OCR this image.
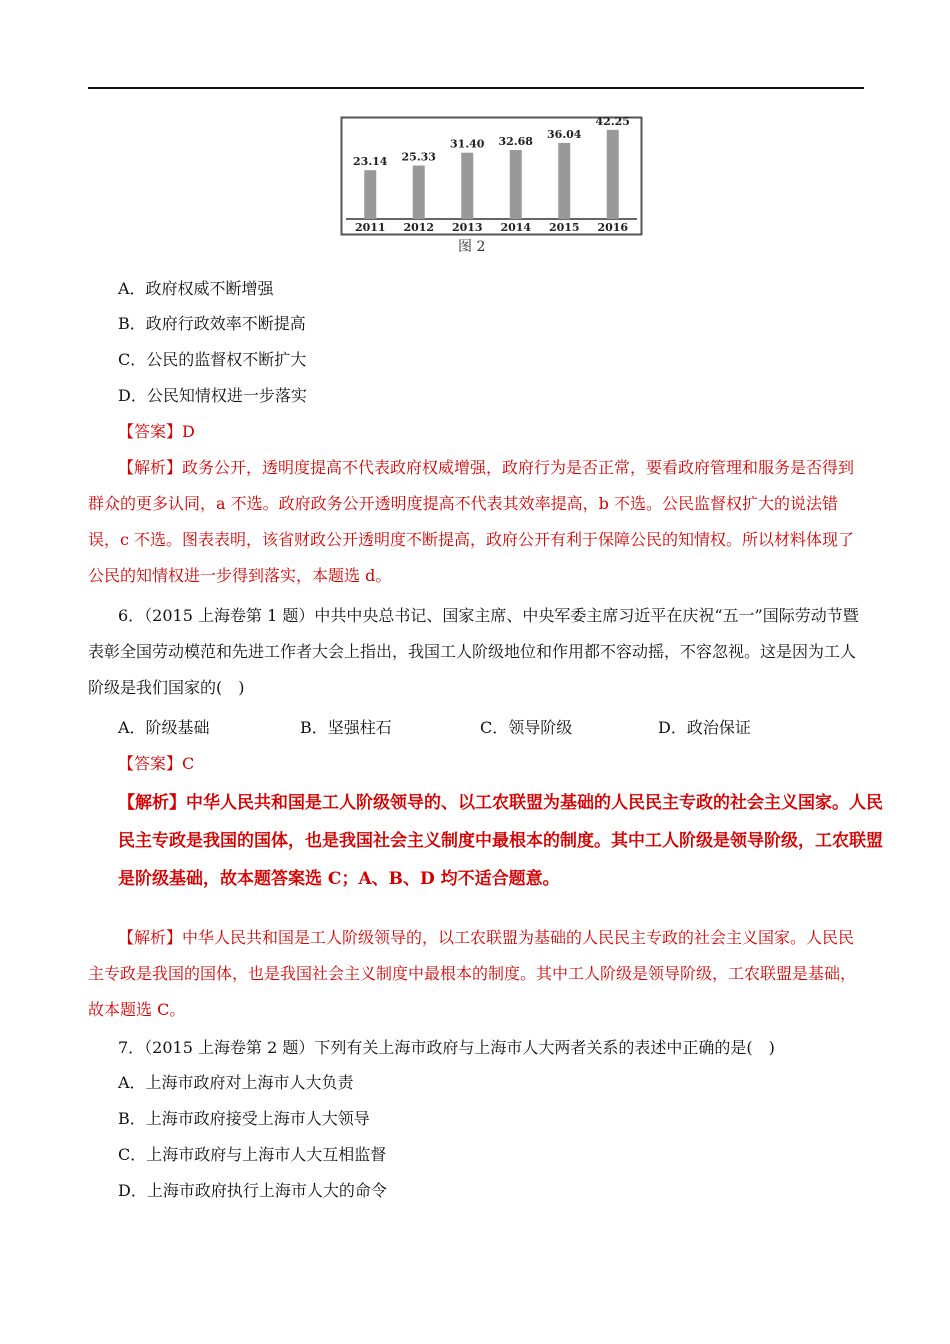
23.14
2011
25.33
2012
31.40
2013
32.68
2014
36.04
2015
42.25
2016
图 2
A．政府权威不断增强
B．政府行政效率不断提高
C．公民的监督权不断扩大
D．公民知情权进一步落实
【答案】D
【解析】政务公开，透明度提高不代表政府权威增强，政府行为是否正常，要看政府管理和服务是否得到群众的更多认同，a 不选。政府政务公开透明度提高不代表其效率提高，b 不选。公民监督权扩大的说法错误，c 不选。图表表明，该省财政公开透明度不断提高，政府公开有利于保障公民的知情权。所以材料体现了公民的知情权进一步得到落实，本题选 d。
6．（2015 上海卷第 1 题）中共中央总书记、国家主席、中央军委主席习近平在庆祝“五一”国际劳动节暨表彰全国劳动模范和先进工作者大会上指出，我国工人阶级地位和作用都不容动摇，不容忽视。这是因为工人阶级是我们国家的(　)
A．阶级基础	B．坚强柱石	C．领导阶级	D．政治保证
【答案】C
【解析】中华人民共和国是工人阶级领导的、以工农联盟为基础的人民民主专政的社会主义国家。人民民主专政是我国的国体，也是我国社会主义制度中最根本的制度。其中工人阶级是领导阶级，工农联盟是阶级基础，故本题答案选 C；A、B、D 均不适合题意。
【解析】中华人民共和国是工人阶级领导的，以工农联盟为基础的人民民主专政的社会主义国家。人民民主专政是我国的国体，也是我国社会主义制度中最根本的制度。其中工人阶级是领导阶级，工农联盟是基础，故本题选 C。
7．（2015 上海卷第 2 题）下列有关上海市政府与上海市人大两者关系的表述中正确的是(　)
A．上海市政府对上海市人大负责
B．上海市政府接受上海市人大领导
C．上海市政府与上海市人大互相监督
D．上海市政府执行上海市人大的命令
